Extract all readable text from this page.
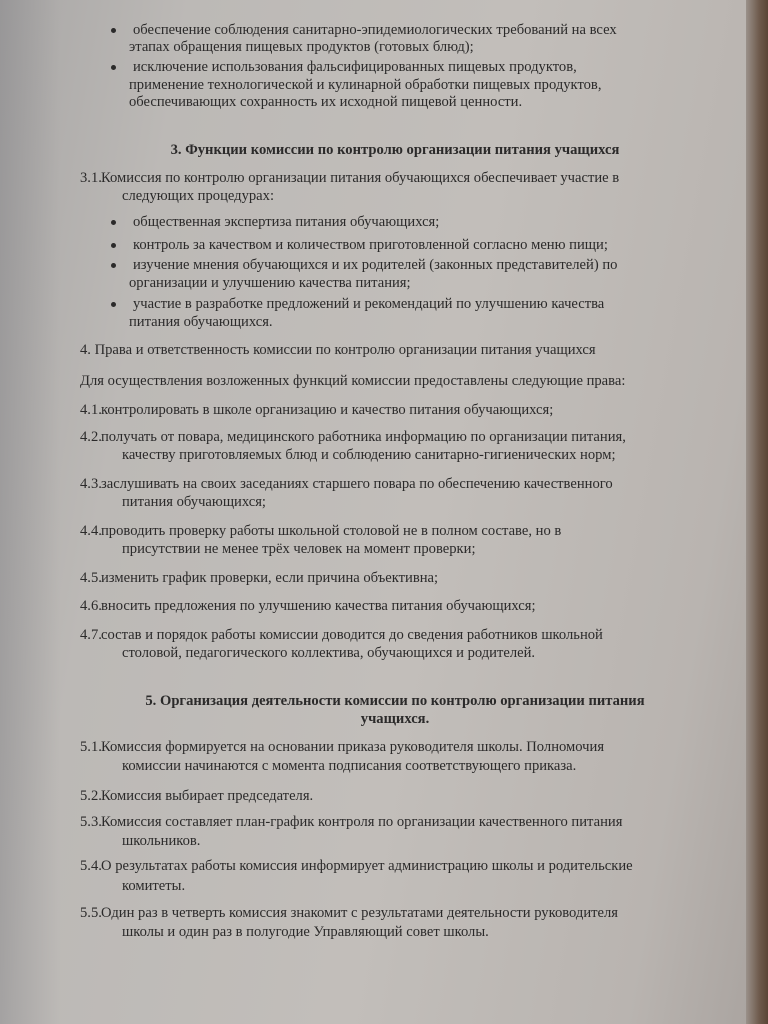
обеспечение соблюдения санитарно-эпидемиологических требований на всех
этапах обращения пищевых продуктов (готовых блюд);
исключение использования фальсифицированных пищевых продуктов,
применение технологической и кулинарной обработки пищевых продуктов,
обеспечивающих сохранность их исходной пищевой ценности.
3. Функции комиссии по контролю организации питания учащихся
3.1. Комиссия по контролю организации питания обучающихся обеспечивает участие в
следующих процедурах:
общественная экспертиза питания обучающихся;
контроль за качеством и количеством приготовленной согласно меню пищи;
изучение мнения обучающихся и их родителей (законных представителей) по
организации и улучшению качества питания;
участие в разработке предложений и рекомендаций по улучшению качества
питания обучающихся.
4. Права и ответственность комиссии по контролю организации питания учащихся
Для осуществления возложенных функций комиссии предоставлены следующие права:
4.1. контролировать в школе организацию и качество питания обучающихся;
4.2. получать от повара, медицинского работника информацию по организации питания,
качеству приготовляемых блюд и соблюдению санитарно-гигиенических норм;
4.3. заслушивать на своих заседаниях старшего повара по обеспечению качественного
питания обучающихся;
4.4. проводить проверку работы школьной столовой не в полном составе, но в
присутствии не менее трёх человек на момент проверки;
4.5. изменить график проверки, если причина объективна;
4.6. вносить предложения по улучшению качества питания обучающихся;
4.7. состав и порядок работы комиссии доводится до сведения работников школьной
столовой, педагогического коллектива, обучающихся и родителей.
5. Организация деятельности комиссии по контролю организации питания
учащихся.
5.1. Комиссия формируется на основании приказа руководителя школы. Полномочия
комиссии начинаются с момента подписания соответствующего приказа.
5.2. Комиссия выбирает председателя.
5.3. Комиссия составляет план-график контроля по организации качественного питания
школьников.
5.4. О результатах работы комиссия информирует администрацию школы и родительские
комитеты.
5.5. Один раз в четверть комиссия знакомит с результатами деятельности руководителя
школы и один раз в полугодие Управляющий совет школы.
